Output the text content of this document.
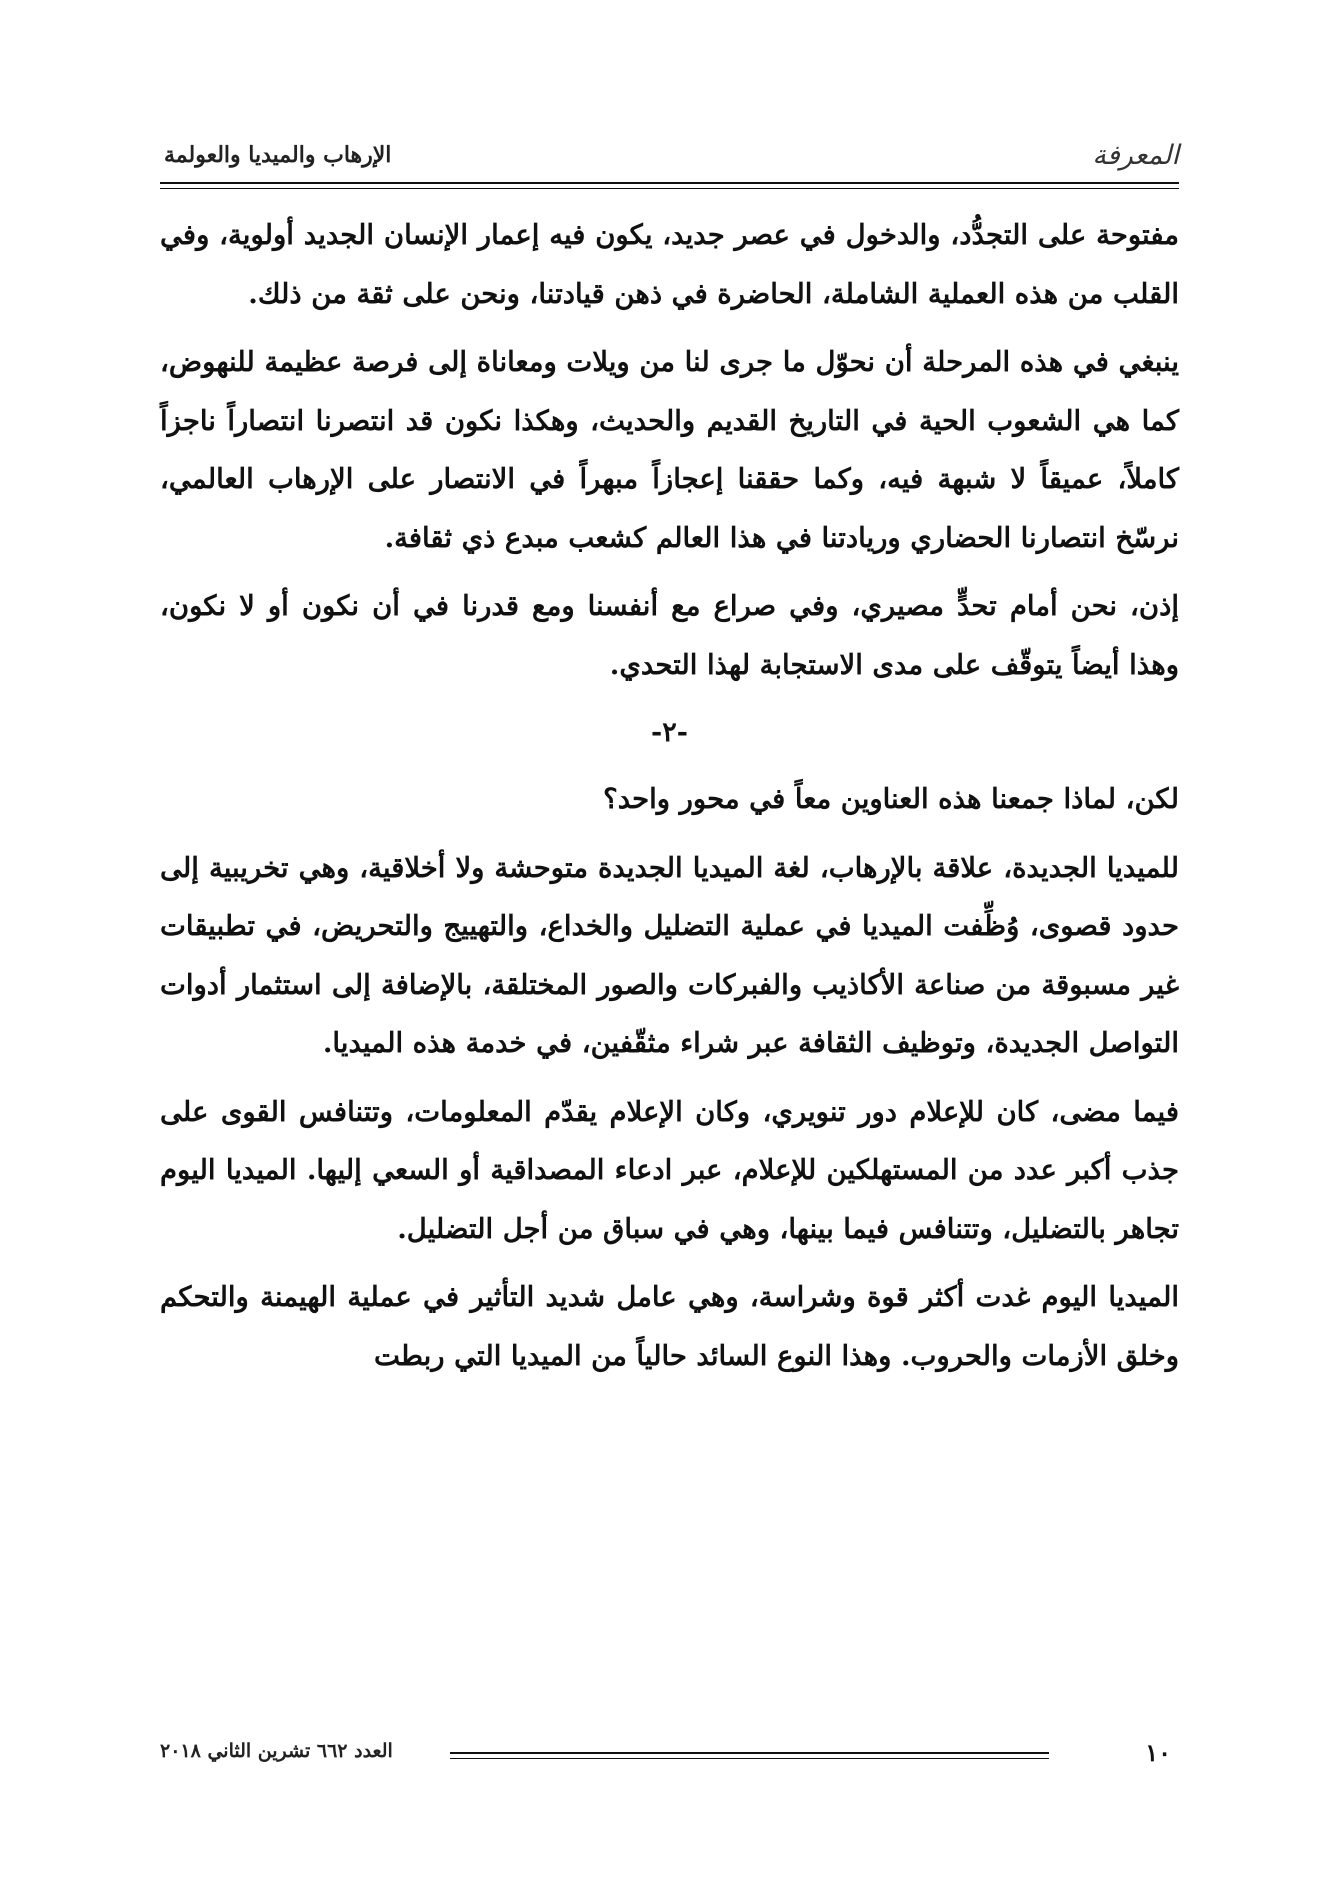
المعرفة
الإرهاب والميديا والعولمة

مفتوحة على التجدُّد، والدخول في عصر جديد، يكون فيه إعمار الإنسان الجديد أولوية، وفي القلب من هذه العملية الشاملة، الحاضرة في ذهن قيادتنا، ونحن على ثقة من ذلك.

ينبغي في هذه المرحلة أن نحوّل ما جرى لنا من ويلات ومعاناة إلى فرصة عظيمة للنهوض، كما هي الشعوب الحية في التاريخ القديم والحديث، وهكذا نكون قد انتصرنا انتصاراً ناجزاً كاملاً، عميقاً لا شبهة فيه، وكما حققنا إعجازاً مبهراً في الانتصار على الإرهاب العالمي، نرسّخ انتصارنا الحضاري وريادتنا في هذا العالم كشعب مبدع ذي ثقافة.

إذن، نحن أمام تحدٍّ مصيري، وفي صراع مع أنفسنا ومع قدرنا في أن نكون أو لا نكون، وهذا أيضاً يتوقّف على مدى الاستجابة لهذا التحدي.

-٢-

لكن، لماذا جمعنا هذه العناوين معاً في محور واحد؟

للميديا الجديدة، علاقة بالإرهاب، لغة الميديا الجديدة متوحشة ولا أخلاقية، وهي تخريبية إلى حدود قصوى، وُظِّفت الميديا في عملية التضليل والخداع، والتهييج والتحريض، في تطبيقات غير مسبوقة من صناعة الأكاذيب والفبركات والصور المختلقة، بالإضافة إلى استثمار أدوات التواصل الجديدة، وتوظيف الثقافة عبر شراء مثقّفين، في خدمة هذه الميديا.

فيما مضى، كان للإعلام دور تنويري، وكان الإعلام يقدّم المعلومات، وتتنافس القوى على جذب أكبر عدد من المستهلكين للإعلام، عبر ادعاء المصداقية أو السعي إليها. الميديا اليوم تجاهر بالتضليل، وتتنافس فيما بينها، وهي في سباق من أجل التضليل.

الميديا اليوم غدت أكثر قوة وشراسة، وهي عامل شديد التأثير في عملية الهيمنة والتحكم وخلق الأزمات والحروب. وهذا النوع السائد حالياً من الميديا التي ربطت

١٠
العدد ٦٦٢ تشرين الثاني ٢٠١٨
